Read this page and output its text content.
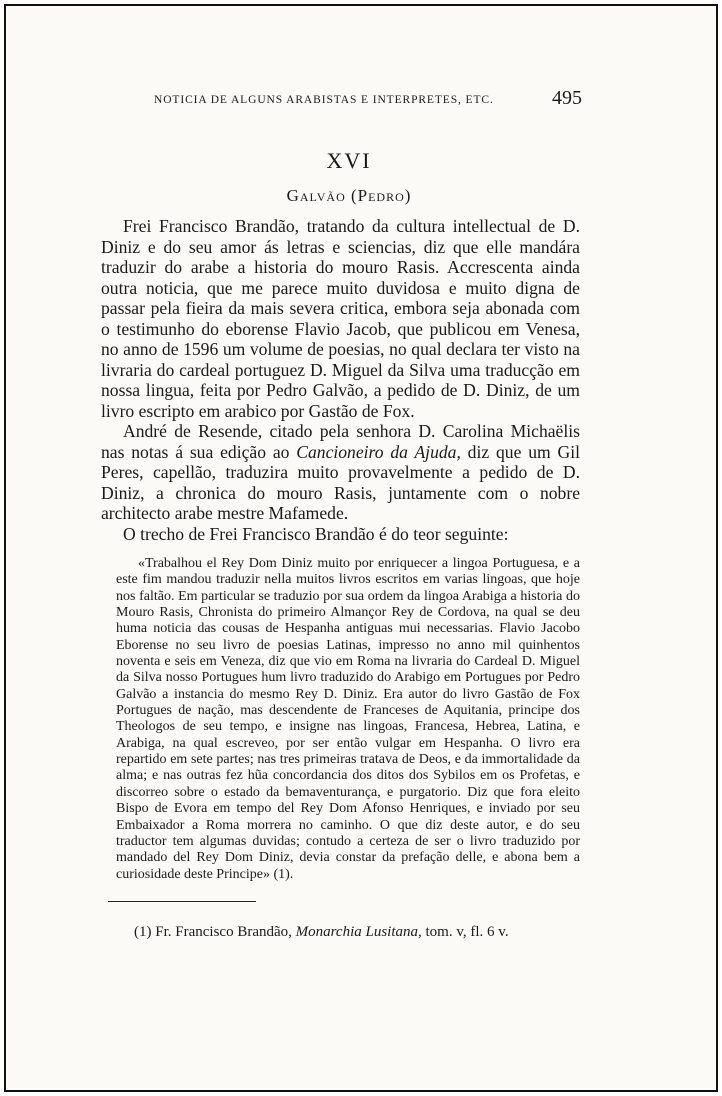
NOTICIA DE ALGUNS ARABISTAS E INTERPRETES, ETC.	495
XVI
Galvão (Pedro)

Frei Francisco Brandão, tratando da cultura intellectual de D. Diniz e do seu amor ás letras e sciencias, diz que elle mandára traduzir do arabe a historia do mouro Rasis. Accrescenta ainda outra noticia, que me parece muito duvidosa e muito digna de passar pela fieira da mais severa critica, embora seja abonada com o testimunho do eborense Flavio Jacob, que publicou em Venesa, no anno de 1596 um volume de poesias, no qual declara ter visto na livraria do cardeal portuguez D. Miguel da Silva uma traducção em nossa lingua, feita por Pedro Galvão, a pedido de D. Diniz, de um livro escripto em arabico por Gastão de Fox.

André de Resende, citado pela senhora D. Carolina Michaëlis nas notas á sua edição ao Cancioneiro da Ajuda, diz que um Gil Peres, capellão, traduzira muito provavelmente a pedido de D. Diniz, a chronica do mouro Rasis, juntamente com o nobre architecto arabe mestre Mafamede.

O trecho de Frei Francisco Brandão é do teor seguinte:

«Trabalhou el Rey Dom Diniz muito por enriquecer a lingoa Portuguesa, e a este fim mandou traduzir nella muitos livros escritos em varias lingoas, que hoje nos faltão. Em particular se traduzio por sua ordem da lingoa Arabiga a historia do Mouro Rasis, Chronista do primeiro Almançor Rey de Cordova, na qual se deu huma noticia das cousas de Hespanha antiguas mui necessarias. Flavio Jacobo Eborense no seu livro de poesias Latinas, impresso no anno mil quinhentos noventa e seis em Veneza, diz que vio em Roma na livraria do Cardeal D. Miguel da Silva nosso Portugues hum livro traduzido do Arabigo em Portugues por Pedro Galvão a instancia do mesmo Rey D. Diniz. Era autor do livro Gastão de Fox Portugues de nação, mas descendente de Franceses de Aquitania, principe dos Theologos de seu tempo, e insigne nas lingoas, Francesa, Hebrea, Latina, e Arabiga, na qual escreveo, por ser então vulgar em Hespanha. O livro era repartido em sete partes; nas tres primeiras tratava de Deos, e da immortalidade da alma; e nas outras fez hũa concordancia dos ditos dos Sybilos em os Profetas, e discorreo sobre o estado da bemaventurança, e purgatorio. Diz que fora eleito Bispo de Evora em tempo del Rey Dom Afonso Henriques, e inviado por seu Embaixador a Roma morrera no caminho. O que diz deste autor, e do seu traductor tem algumas duvidas; contudo a certeza de ser o livro traduzido por mandado del Rey Dom Diniz, devia constar da prefação delle, e abona bem a curiosidade deste Principe» (1).

(1) Fr. Francisco Brandão, Monarchia Lusitana, tom. v, fl. 6 v.
